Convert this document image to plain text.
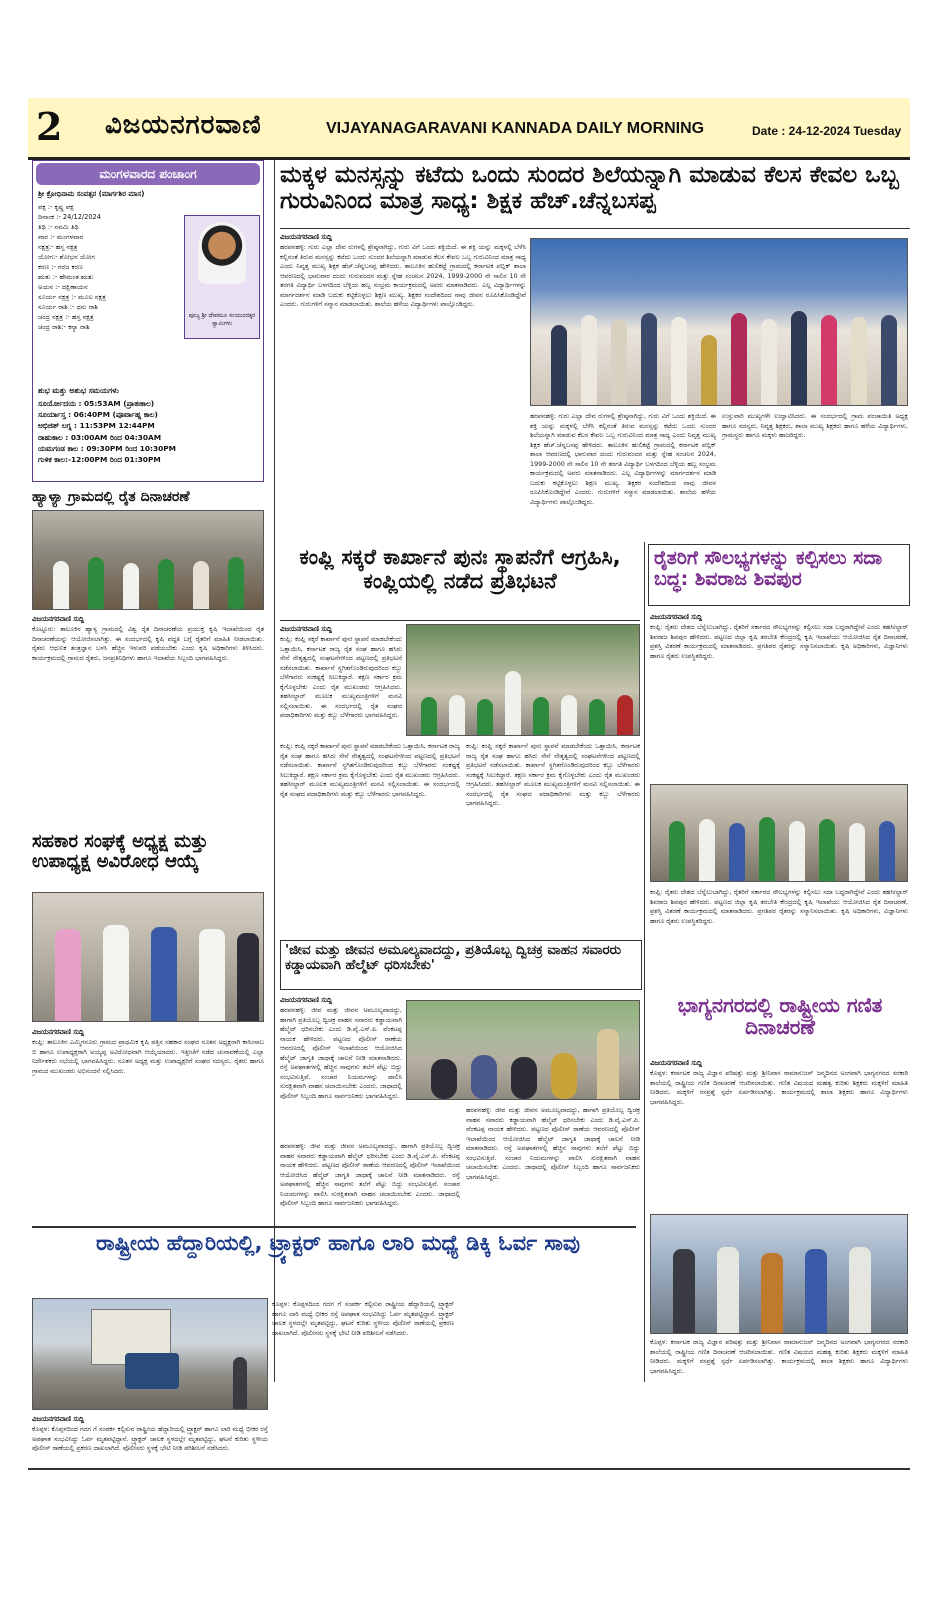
2 ವಿಜಯನಗರವಾಣಿ	VIJAYANAGARAVANI KANNADA DAILY MORNING	Date : 24-12-2024 Tuesday
ಮಂಗಳವಾರದ ಪಂಚಾಂಗ
ಶ್ರೀ ಕ್ರೋಧಿನಾಮ ಸಂವತ್ಸರ (ಮಾರ್ಗಶಿರ ಮಾಸ)
ಪಕ್ಷ :- ಕೃಷ್ಣ ಪಕ್ಷ
ದಿನಾಂಕ :- 24/12/2024
ತಿಥಿ :- ನವಮಿ ತಿಥಿ
ವಾರ :- ಮಂಗಳವಾರ
ನಕ್ಷತ್ರ:- ಹಸ್ತ ನಕ್ಷತ್ರ
ಯೋಗ:- ಶೋಭನ ಯೋಗ
ಕರಣ :- ಗರಜ ಕರಣ
ಋತು :- ಹೇಮಂತ ಋತು
ಅಯನ :- ದಕ್ಷಿಣಾಯನ
ಸೂರ್ಯ ನಕ್ಷತ್ರ :- ಮೂಲ ನಕ್ಷತ್ರ
ಸೂರ್ಯ ರಾಶಿ :- ಧನು ರಾಶಿ
ಚಂದ್ರ ನಕ್ಷತ್ರ :- ಹಸ್ತ ನಕ್ಷತ್ರ
ಚಂದ್ರ ರಾಶಿ:- ಕನ್ಯಾ ರಾಶಿ
ಪೂಜ್ಯ ಶ್ರೀ ದೇವಮೂ ಸಂಯುಂದಕ್ಕರ ಸ್ವಾಮಿಗಳು
ಶುಭ ಮತ್ತು ಅಶುಭ ಸಮಯಗಳು
ಸೂರ್ಯೋದಯ : 05:53AM (ಪ್ರಾತಃಕಾಲ)
ಸೂರ್ಯಾಸ್ತ : 06:40PM (ಪೂರ್ವಾಹ್ನ ಕಾಲ)
ಅಭಿಜಿತ್ ಲಗ್ನ : 11:53PM 12:44PM
ರಾಹುಕಾಲ : 03:00AM ರಿಂದ 04:30AM
ಯಮಗಂಡ ಕಾಲ : 09:30PM ರಿಂದ 10:30PM
ಗುಳಿಕ ಕಾಲ:-12:00PM ರಿಂದ 01:30PM
ಮಕ್ಕಳ ಮನಸ್ಸನ್ನು ಕಟೆದು ಒಂದು ಸುಂದರ ಶಿಲೆಯನ್ನಾಗಿ ಮಾಡುವ ಕೆಲಸ ಕೇವಲ ಒಬ್ಬ ಗುರುವಿನಿಂದ ಮಾತ್ರ ಸಾಧ್ಯ: ಶಿಕ್ಷಕ ಹೆಚ್.ಚೆನ್ನಬಸಪ್ಪ
ವಿಜಯನಗರವಾಣಿ ಸುದ್ದಿ
ಹರಪನಹಳ್ಳಿ: ಗುರು ಎಲ್ಲಾ ದೇವ ರುಗಳಲ್ಲಿ ಶ್ರೇಷ್ಠನಾಗಿದ್ದು, ಗುರು ವಿಗೆ ಒಂದು ಶಕ್ತಿಯಿದೆ. ಈ ಶಕ್ತಿ ಯನ್ನು ಮಕ್ಕಳಲ್ಲಿ ಬೆಳೆಸಿ ಕಲ್ಲಿನಂತೆ ತಿರುವ ಮನಸ್ಸನ್ನು ಕಟೆದು ಒಂದು ಸುಂದರ ಶಿಲೆಯನ್ನಾಗಿ ಮಾಡುವ ಕೆಲಸ ಕೇವಲ ಒಬ್ಬ ಗುರುವಿನಿಂದ ಮಾತ್ರ ಸಾಧ್ಯ ಎಂದು ನಿವೃತ್ತ ಮುಖ್ಯ ಶಿಕ್ಷಕ ಹೆಚ್.ಚೆನ್ನಬಸಪ್ಪ ಹೇಳಿದರು. ತಾಲೂಕಿನ ಹುಲಿಕಟ್ಟೆ ಗ್ರಾಮದಲ್ಲಿ ಕರ್ನಾಟಕ ಪಬ್ಲಿಕ್ ಶಾಲಾ ಆವರಣದಲ್ಲಿ ಭಾನುವಾರ ದಂದು ಗುರುವಂದನ ಮತ್ತು ಸ್ನೇಹ ಸಂಚಲನ 2024, 1999-2000 ನೇ ಸಾಲಿನ 10 ನೇ ತರಗತಿ ವಿದ್ಯಾರ್ಥಿ ಬಳಗದಿಂದ ಬೆಳ್ಳಿಯ ಹಬ್ಬ ಸಂಭ್ರಮ ಕಾರ್ಯಕ್ರಮದಲ್ಲಿ ಅವರು ಮಾತನಾಡಿದರು. ಎಲ್ಲ ವಿದ್ಯಾರ್ಥಿಗಳನ್ನು ಮಾರ್ಗದರ್ಶನ ಮಾಡಿ ಬದುಕು ಕಟ್ಟಿಕೊಳ್ಳಲು ಶಿಕ್ಷಣ ಮುಖ್ಯ. ಶಿಕ್ಷಕರ ಸಂದೇಶದಿಂದ ನಾವು ಜೀವನ ರೂಪಿಸಿಕೊಂಡಿದ್ದೇವೆ ಎಂದರು. ಗುರುಗಳಿಗೆ ಸನ್ಮಾನ ಮಾಡಲಾಯಿತು. ಶಾಲೆಯ ಹಳೆಯ ವಿದ್ಯಾರ್ಥಿಗಳು ಪಾಲ್ಗೊಂಡಿದ್ದರು.
ಹರಪನಹಳ್ಳಿ: ಗುರು ಎಲ್ಲಾ ದೇವ ರುಗಳಲ್ಲಿ ಶ್ರೇಷ್ಠನಾಗಿದ್ದು, ಗುರು ವಿಗೆ ಒಂದು ಶಕ್ತಿಯಿದೆ. ಈ ಶಕ್ತಿ ಯನ್ನು ಮಕ್ಕಳಲ್ಲಿ ಬೆಳೆಸಿ ಕಲ್ಲಿನಂತೆ ತಿರುವ ಮನಸ್ಸನ್ನು ಕಟೆದು ಒಂದು ಸುಂದರ ಶಿಲೆಯನ್ನಾಗಿ ಮಾಡುವ ಕೆಲಸ ಕೇವಲ ಒಬ್ಬ ಗುರುವಿನಿಂದ ಮಾತ್ರ ಸಾಧ್ಯ ಎಂದು ನಿವೃತ್ತ ಮುಖ್ಯ ಶಿಕ್ಷಕ ಹೆಚ್.ಚೆನ್ನಬಸಪ್ಪ ಹೇಳಿದರು. ತಾಲೂಕಿನ ಹುಲಿಕಟ್ಟೆ ಗ್ರಾಮದಲ್ಲಿ ಕರ್ನಾಟಕ ಪಬ್ಲಿಕ್ ಶಾಲಾ ಆವರಣದಲ್ಲಿ ಭಾನುವಾರ ದಂದು ಗುರುವಂದನ ಮತ್ತು ಸ್ನೇಹ ಸಂಚಲನ 2024, 1999-2000 ನೇ ಸಾಲಿನ 10 ನೇ ತರಗತಿ ವಿದ್ಯಾರ್ಥಿ ಬಳಗದಿಂದ ಬೆಳ್ಳಿಯ ಹಬ್ಬ ಸಂಭ್ರಮ ಕಾರ್ಯಕ್ರಮದಲ್ಲಿ ಅವರು ಮಾತನಾಡಿದರು. ಎಲ್ಲ ವಿದ್ಯಾರ್ಥಿಗಳನ್ನು ಮಾರ್ಗದರ್ಶನ ಮಾಡಿ ಬದುಕು ಕಟ್ಟಿಕೊಳ್ಳಲು ಶಿಕ್ಷಣ ಮುಖ್ಯ. ಶಿಕ್ಷಕರ ಸಂದೇಶದಿಂದ ನಾವು ಜೀವನ ರೂಪಿಸಿಕೊಂಡಿದ್ದೇವೆ ಎಂದರು. ಗುರುಗಳಿಗೆ ಸನ್ಮಾನ ಮಾಡಲಾಯಿತು. ಶಾಲೆಯ ಹಳೆಯ ವಿದ್ಯಾರ್ಥಿಗಳು ಪಾಲ್ಗೊಂಡಿದ್ದರು.
ಉಸ್ತುವಾರಿ ಮುಖ್ಯಗಳೇ ಉದ್ಘಾಟಿಸಿದರು. ಈ ಸಂದರ್ಭದಲ್ಲಿ ಗ್ರಾಮ ಪಂಚಾಯಿತಿ ಅಧ್ಯಕ್ಷ ಹಾಗೂ ಸದಸ್ಯರು, ನಿವೃತ್ತ ಶಿಕ್ಷಕರು, ಶಾಲಾ ಮುಖ್ಯ ಶಿಕ್ಷಕರು ಹಾಗೂ ಹಳೆಯ ವಿದ್ಯಾರ್ಥಿಗಳು, ಗ್ರಾಮಸ್ಥರು ಹಾಗೂ ಮಕ್ಕಳು ಹಾಜರಿದ್ದರು.
ಹ್ಯಾಳ್ಯಾ ಗ್ರಾಮದಲ್ಲಿ ರೈತ ದಿನಾಚರಣೆ
ವಿಜಯನಗರವಾಣಿ ಸುದ್ದಿ
ಕೊಟ್ಟೂರು: ತಾಲೂಕಿನ ಹ್ಯಾಳ್ಯ ಗ್ರಾಮದಲ್ಲಿ ವಿಶ್ವ ರೈತ ದಿನಾಚರಣೆಯ ಪ್ರಯುಕ್ತ ಕೃಷಿ ಇಲಾಖೆಯಿಂದ ರೈತ ದಿನಾಚರಣೆಯನ್ನು ಆಯೋಜಿಸಲಾಗಿತ್ತು. ಈ ಸಂದರ್ಭದಲ್ಲಿ ಕೃಷಿ ಪದ್ಧತಿ ಬಗ್ಗೆ ರೈತರಿಗೆ ಮಾಹಿತಿ ನೀಡಲಾಯಿತು. ರೈತರು ಆಧುನಿಕ ತಂತ್ರಜ್ಞಾನ ಬಳಸಿ ಹೆಚ್ಚಿನ ಇಳುವರಿ ಪಡೆಯಬೇಕು ಎಂದು ಕೃಷಿ ಅಧಿಕಾರಿಗಳು ತಿಳಿಸಿದರು. ಕಾರ್ಯಕ್ರಮದಲ್ಲಿ ಗ್ರಾಮದ ರೈತರು, ಜನಪ್ರತಿನಿಧಿಗಳು ಹಾಗೂ ಇಲಾಖೆಯ ಸಿಬ್ಬಂದಿ ಭಾಗವಹಿಸಿದ್ದರು.
ಸಹಕಾರ ಸಂಘಕ್ಕೆ ಅಧ್ಯಕ್ಷ ಮತ್ತು ಉಪಾಧ್ಯಕ್ಷ ಅವಿರೋಧ ಆಯ್ಕೆ
ವಿಜಯನಗರವಾಣಿ ಸುದ್ದಿ
ಕಂಪ್ಲಿ: ತಾಲೂಕಿನ ಎಮ್ಮಿಗನೂರು ಗ್ರಾಮದ ಪ್ರಾಥಮಿಕ ಕೃಷಿ ಪತ್ತಿನ ಸಹಕಾರ ಸಂಘದ ನೂತನ ಅಧ್ಯಕ್ಷರಾಗಿ ಕಾಸಿಂಸಾಬ ಬಿ ಹಾಗೂ ಉಪಾಧ್ಯಕ್ಷರಾಗಿ ಅಯ್ಯಪ್ಪ ಅವಿರೋಧವಾಗಿ ಆಯ್ಕೆಯಾದರು. ಇತ್ತೀಚೆಗೆ ನಡೆದ ಚುನಾವಣೆಯಲ್ಲಿ ಎಲ್ಲಾ ನಿರ್ದೇಶಕರು ಸಭೆಯಲ್ಲಿ ಭಾಗವಹಿಸಿದ್ದರು. ನೂತನ ಅಧ್ಯಕ್ಷ ಮತ್ತು ಉಪಾಧ್ಯಕ್ಷರಿಗೆ ಸಂಘದ ಸದಸ್ಯರು, ರೈತರು ಹಾಗೂ ಗ್ರಾಮದ ಮುಖಂಡರು ಅಭಿನಂದನೆ ಸಲ್ಲಿಸಿದರು.
ಕಂಪ್ಲಿ ಸಕ್ಕರೆ ಕಾರ್ಖಾನೆ ಪುನಃ ಸ್ಥಾಪನೆಗೆ ಆಗ್ರಹಿಸಿ, ಕಂಪ್ಲಿಯಲ್ಲಿ ನಡೆದ ಪ್ರತಿಭಟನೆ
ವಿಜಯನಗರವಾಣಿ ಸುದ್ದಿ
ಕಂಪ್ಲಿ: ಕಂಪ್ಲಿ ಸಕ್ಕರೆ ಕಾರ್ಖಾನೆ ಪುನಃ ಸ್ಥಾಪನೆ ಮಾಡಬೇಕೆಂದು ಒತ್ತಾಯಿಸಿ, ಕರ್ನಾಟಕ ರಾಜ್ಯ ರೈತ ಸಂಘ ಹಾಗೂ ಹಸಿರು ಸೇನೆ ನೇತೃತ್ವದಲ್ಲಿ ಸಂಘಟನೆಗಳಿಂದ ಪಟ್ಟಣದಲ್ಲಿ ಪ್ರತಿಭಟನೆ ನಡೆಸಲಾಯಿತು. ಕಾರ್ಖಾನೆ ಸ್ಥಗಿತಗೊಂಡಿರುವುದರಿಂದ ಕಬ್ಬು ಬೆಳೆಗಾರರು ಸಂಕಷ್ಟಕ್ಕೆ ಸಿಲುಕಿದ್ದಾರೆ. ತಕ್ಷಣ ಸರ್ಕಾರ ಕ್ರಮ ಕೈಗೊಳ್ಳಬೇಕು ಎಂದು ರೈತ ಮುಖಂಡರು ಆಗ್ರಹಿಸಿದರು. ತಹಸೀಲ್ದಾರ್ ಮೂಲಕ ಮುಖ್ಯಮಂತ್ರಿಗಳಿಗೆ ಮನವಿ ಸಲ್ಲಿಸಲಾಯಿತು. ಈ ಸಂದರ್ಭದಲ್ಲಿ ರೈತ ಸಂಘದ ಪದಾಧಿಕಾರಿಗಳು ಮತ್ತು ಕಬ್ಬು ಬೆಳೆಗಾರರು ಭಾಗವಹಿಸಿದ್ದರು.
ಕಂಪ್ಲಿ: ಕಂಪ್ಲಿ ಸಕ್ಕರೆ ಕಾರ್ಖಾನೆ ಪುನಃ ಸ್ಥಾಪನೆ ಮಾಡಬೇಕೆಂದು ಒತ್ತಾಯಿಸಿ, ಕರ್ನಾಟಕ ರಾಜ್ಯ ರೈತ ಸಂಘ ಹಾಗೂ ಹಸಿರು ಸೇನೆ ನೇತೃತ್ವದಲ್ಲಿ ಸಂಘಟನೆಗಳಿಂದ ಪಟ್ಟಣದಲ್ಲಿ ಪ್ರತಿಭಟನೆ ನಡೆಸಲಾಯಿತು. ಕಾರ್ಖಾನೆ ಸ್ಥಗಿತಗೊಂಡಿರುವುದರಿಂದ ಕಬ್ಬು ಬೆಳೆಗಾರರು ಸಂಕಷ್ಟಕ್ಕೆ ಸಿಲುಕಿದ್ದಾರೆ. ತಕ್ಷಣ ಸರ್ಕಾರ ಕ್ರಮ ಕೈಗೊಳ್ಳಬೇಕು ಎಂದು ರೈತ ಮುಖಂಡರು ಆಗ್ರಹಿಸಿದರು. ತಹಸೀಲ್ದಾರ್ ಮೂಲಕ ಮುಖ್ಯಮಂತ್ರಿಗಳಿಗೆ ಮನವಿ ಸಲ್ಲಿಸಲಾಯಿತು. ಈ ಸಂದರ್ಭದಲ್ಲಿ ರೈತ ಸಂಘದ ಪದಾಧಿಕಾರಿಗಳು ಮತ್ತು ಕಬ್ಬು ಬೆಳೆಗಾರರು ಭಾಗವಹಿಸಿದ್ದರು.
ಕಂಪ್ಲಿ: ಕಂಪ್ಲಿ ಸಕ್ಕರೆ ಕಾರ್ಖಾನೆ ಪುನಃ ಸ್ಥಾಪನೆ ಮಾಡಬೇಕೆಂದು ಒತ್ತಾಯಿಸಿ, ಕರ್ನಾಟಕ ರಾಜ್ಯ ರೈತ ಸಂಘ ಹಾಗೂ ಹಸಿರು ಸೇನೆ ನೇತೃತ್ವದಲ್ಲಿ ಸಂಘಟನೆಗಳಿಂದ ಪಟ್ಟಣದಲ್ಲಿ ಪ್ರತಿಭಟನೆ ನಡೆಸಲಾಯಿತು. ಕಾರ್ಖಾನೆ ಸ್ಥಗಿತಗೊಂಡಿರುವುದರಿಂದ ಕಬ್ಬು ಬೆಳೆಗಾರರು ಸಂಕಷ್ಟಕ್ಕೆ ಸಿಲುಕಿದ್ದಾರೆ. ತಕ್ಷಣ ಸರ್ಕಾರ ಕ್ರಮ ಕೈಗೊಳ್ಳಬೇಕು ಎಂದು ರೈತ ಮುಖಂಡರು ಆಗ್ರಹಿಸಿದರು. ತಹಸೀಲ್ದಾರ್ ಮೂಲಕ ಮುಖ್ಯಮಂತ್ರಿಗಳಿಗೆ ಮನವಿ ಸಲ್ಲಿಸಲಾಯಿತು. ಈ ಸಂದರ್ಭದಲ್ಲಿ ರೈತ ಸಂಘದ ಪದಾಧಿಕಾರಿಗಳು ಮತ್ತು ಕಬ್ಬು ಬೆಳೆಗಾರರು ಭಾಗವಹಿಸಿದ್ದರು.
ರೈತರಿಗೆ ಸೌಲಭ್ಯಗಳನ್ನು ಕಲ್ಪಿಸಲು ಸದಾ ಬದ್ಧ: ಶಿವರಾಜ ಶಿವಪುರ
ವಿಜಯನಗರವಾಣಿ ಸುದ್ದಿ
ಕಂಪ್ಲಿ: ರೈತರು ದೇಶದ ಬೆನ್ನೆಲುಬಾಗಿದ್ದು, ರೈತರಿಗೆ ಸರ್ಕಾರದ ಸೌಲಭ್ಯಗಳನ್ನು ಕಲ್ಪಿಸಲು ಸದಾ ಬದ್ಧರಾಗಿದ್ದೇವೆ ಎಂದು ತಹಸೀಲ್ದಾರ್ ಶಿವರಾಜ ಶಿವಪುರ ಹೇಳಿದರು. ಪಟ್ಟಣದ ಜಿಲ್ಲಾ ಕೃಷಿ ತರಬೇತಿ ಕೇಂದ್ರದಲ್ಲಿ ಕೃಷಿ ಇಲಾಖೆಯು ಆಯೋಜಿಸಿದ ರೈತ ದಿನಾಚರಣೆ, ಪ್ರಶಸ್ತಿ ವಿತರಣೆ ಕಾರ್ಯಕ್ರಮದಲ್ಲಿ ಮಾತನಾಡಿದರು. ಪ್ರಗತಿಪರ ರೈತರನ್ನು ಸನ್ಮಾನಿಸಲಾಯಿತು. ಕೃಷಿ ಅಧಿಕಾರಿಗಳು, ವಿಜ್ಞಾನಿಗಳು ಹಾಗೂ ರೈತರು ಉಪಸ್ಥಿತರಿದ್ದರು.
ಕಂಪ್ಲಿ: ರೈತರು ದೇಶದ ಬೆನ್ನೆಲುಬಾಗಿದ್ದು, ರೈತರಿಗೆ ಸರ್ಕಾರದ ಸೌಲಭ್ಯಗಳನ್ನು ಕಲ್ಪಿಸಲು ಸದಾ ಬದ್ಧರಾಗಿದ್ದೇವೆ ಎಂದು ತಹಸೀಲ್ದಾರ್ ಶಿವರಾಜ ಶಿವಪುರ ಹೇಳಿದರು. ಪಟ್ಟಣದ ಜಿಲ್ಲಾ ಕೃಷಿ ತರಬೇತಿ ಕೇಂದ್ರದಲ್ಲಿ ಕೃಷಿ ಇಲಾಖೆಯು ಆಯೋಜಿಸಿದ ರೈತ ದಿನಾಚರಣೆ, ಪ್ರಶಸ್ತಿ ವಿತರಣೆ ಕಾರ್ಯಕ್ರಮದಲ್ಲಿ ಮಾತನಾಡಿದರು. ಪ್ರಗತಿಪರ ರೈತರನ್ನು ಸನ್ಮಾನಿಸಲಾಯಿತು. ಕೃಷಿ ಅಧಿಕಾರಿಗಳು, ವಿಜ್ಞಾನಿಗಳು ಹಾಗೂ ರೈತರು ಉಪಸ್ಥಿತರಿದ್ದರು.
ಭಾಗ್ಯನಗರದಲ್ಲಿ ರಾಷ್ಟ್ರೀಯ ಗಣಿತ ದಿನಾಚರಣೆ
ವಿಜಯನಗರವಾಣಿ ಸುದ್ದಿ
ಕೊಪ್ಪಳ: ಕರ್ನಾಟಕ ರಾಜ್ಯ ವಿಜ್ಞಾನ ಪರಿಷತ್ತು ಮತ್ತು ಶ್ರೀನಿವಾಸ ರಾಮಾನುಜನ್ ಜನ್ಮದಿನದ ಅಂಗವಾಗಿ ಭಾಗ್ಯನಗರದ ಸರಕಾರಿ ಶಾಲೆಯಲ್ಲಿ ರಾಷ್ಟ್ರೀಯ ಗಣಿತ ದಿನಾಚರಣೆ ಆಚರಿಸಲಾಯಿತು. ಗಣಿತ ವಿಷಯದ ಮಹತ್ವ ಕುರಿತು ಶಿಕ್ಷಕರು ಮಕ್ಕಳಿಗೆ ಮಾಹಿತಿ ನೀಡಿದರು. ಮಕ್ಕಳಿಗೆ ರಸಪ್ರಶ್ನೆ ಸ್ಪರ್ಧೆ ಏರ್ಪಡಿಸಲಾಗಿತ್ತು. ಕಾರ್ಯಕ್ರಮದಲ್ಲಿ ಶಾಲಾ ಶಿಕ್ಷಕರು ಹಾಗೂ ವಿದ್ಯಾರ್ಥಿಗಳು ಭಾಗವಹಿಸಿದ್ದರು.
ಕೊಪ್ಪಳ: ಕರ್ನಾಟಕ ರಾಜ್ಯ ವಿಜ್ಞಾನ ಪರಿಷತ್ತು ಮತ್ತು ಶ್ರೀನಿವಾಸ ರಾಮಾನುಜನ್ ಜನ್ಮದಿನದ ಅಂಗವಾಗಿ ಭಾಗ್ಯನಗರದ ಸರಕಾರಿ ಶಾಲೆಯಲ್ಲಿ ರಾಷ್ಟ್ರೀಯ ಗಣಿತ ದಿನಾಚರಣೆ ಆಚರಿಸಲಾಯಿತು. ಗಣಿತ ವಿಷಯದ ಮಹತ್ವ ಕುರಿತು ಶಿಕ್ಷಕರು ಮಕ್ಕಳಿಗೆ ಮಾಹಿತಿ ನೀಡಿದರು. ಮಕ್ಕಳಿಗೆ ರಸಪ್ರಶ್ನೆ ಸ್ಪರ್ಧೆ ಏರ್ಪಡಿಸಲಾಗಿತ್ತು. ಕಾರ್ಯಕ್ರಮದಲ್ಲಿ ಶಾಲಾ ಶಿಕ್ಷಕರು ಹಾಗೂ ವಿದ್ಯಾರ್ಥಿಗಳು ಭಾಗವಹಿಸಿದ್ದರು.
'ಜೀವ ಮತ್ತು ಜೀವನ ಅಮೂಲ್ಯವಾದದ್ದು, ಪ್ರತಿಯೊಬ್ಬ ದ್ವಿಚಕ್ರ ವಾಹನ ಸವಾರರು ಕಡ್ಡಾಯವಾಗಿ ಹೆಲ್ಮೆಟ್ ಧರಿಸಬೇಕು'
ವಿಜಯನಗರವಾಣಿ ಸುದ್ದಿ
ಹರಪನಹಳ್ಳಿ: ಜೀವ ಮತ್ತು ಜೀವನ ಅಮೂಲ್ಯವಾದದ್ದು, ಹಾಗಾಗಿ ಪ್ರತಿಯೊಬ್ಬ ದ್ವಿಚಕ್ರ ವಾಹನ ಸವಾರರು ಕಡ್ಡಾಯವಾಗಿ ಹೆಲ್ಮೆಟ್ ಧರಿಸಬೇಕು ಎಂದು ಡಿ.ವೈ.ಎಸ್.ಪಿ. ವೆಂಕಟಪ್ಪ ನಾಯಕ ಹೇಳಿದರು. ಪಟ್ಟಣದ ಪೊಲೀಸ್ ಠಾಣೆಯ ಆವರಣದಲ್ಲಿ ಪೊಲೀಸ್ ಇಲಾಖೆಯಿಂದ ಆಯೋಜಿಸಿದ ಹೆಲ್ಮೆಟ್ ಜಾಗೃತಿ ಜಾಥಾಕ್ಕೆ ಚಾಲನೆ ನೀಡಿ ಮಾತನಾಡಿದರು. ರಸ್ತೆ ಅಪಘಾತಗಳಲ್ಲಿ ಹೆಚ್ಚಿನ ಸಾವುಗಳು ತಲೆಗೆ ಪೆಟ್ಟು ಬಿದ್ದು ಸಂಭವಿಸುತ್ತಿವೆ. ಸಂಚಾರ ನಿಯಮಗಳನ್ನು ಪಾಲಿಸಿ ಸುರಕ್ಷಿತವಾಗಿ ವಾಹನ ಚಲಾಯಿಸಬೇಕು ಎಂದರು. ಜಾಥಾದಲ್ಲಿ ಪೊಲೀಸ್ ಸಿಬ್ಬಂದಿ ಹಾಗೂ ಸಾರ್ವಜನಿಕರು ಭಾಗವಹಿಸಿದ್ದರು.
ಹರಪನಹಳ್ಳಿ: ಜೀವ ಮತ್ತು ಜೀವನ ಅಮೂಲ್ಯವಾದದ್ದು, ಹಾಗಾಗಿ ಪ್ರತಿಯೊಬ್ಬ ದ್ವಿಚಕ್ರ ವಾಹನ ಸವಾರರು ಕಡ್ಡಾಯವಾಗಿ ಹೆಲ್ಮೆಟ್ ಧರಿಸಬೇಕು ಎಂದು ಡಿ.ವೈ.ಎಸ್.ಪಿ. ವೆಂಕಟಪ್ಪ ನಾಯಕ ಹೇಳಿದರು. ಪಟ್ಟಣದ ಪೊಲೀಸ್ ಠಾಣೆಯ ಆವರಣದಲ್ಲಿ ಪೊಲೀಸ್ ಇಲಾಖೆಯಿಂದ ಆಯೋಜಿಸಿದ ಹೆಲ್ಮೆಟ್ ಜಾಗೃತಿ ಜಾಥಾಕ್ಕೆ ಚಾಲನೆ ನೀಡಿ ಮಾತನಾಡಿದರು. ರಸ್ತೆ ಅಪಘಾತಗಳಲ್ಲಿ ಹೆಚ್ಚಿನ ಸಾವುಗಳು ತಲೆಗೆ ಪೆಟ್ಟು ಬಿದ್ದು ಸಂಭವಿಸುತ್ತಿವೆ. ಸಂಚಾರ ನಿಯಮಗಳನ್ನು ಪಾಲಿಸಿ ಸುರಕ್ಷಿತವಾಗಿ ವಾಹನ ಚಲಾಯಿಸಬೇಕು ಎಂದರು. ಜಾಥಾದಲ್ಲಿ ಪೊಲೀಸ್ ಸಿಬ್ಬಂದಿ ಹಾಗೂ ಸಾರ್ವಜನಿಕರು ಭಾಗವಹಿಸಿದ್ದರು.
ಹರಪನಹಳ್ಳಿ: ಜೀವ ಮತ್ತು ಜೀವನ ಅಮೂಲ್ಯವಾದದ್ದು, ಹಾಗಾಗಿ ಪ್ರತಿಯೊಬ್ಬ ದ್ವಿಚಕ್ರ ವಾಹನ ಸವಾರರು ಕಡ್ಡಾಯವಾಗಿ ಹೆಲ್ಮೆಟ್ ಧರಿಸಬೇಕು ಎಂದು ಡಿ.ವೈ.ಎಸ್.ಪಿ. ವೆಂಕಟಪ್ಪ ನಾಯಕ ಹೇಳಿದರು. ಪಟ್ಟಣದ ಪೊಲೀಸ್ ಠಾಣೆಯ ಆವರಣದಲ್ಲಿ ಪೊಲೀಸ್ ಇಲಾಖೆಯಿಂದ ಆಯೋಜಿಸಿದ ಹೆಲ್ಮೆಟ್ ಜಾಗೃತಿ ಜಾಥಾಕ್ಕೆ ಚಾಲನೆ ನೀಡಿ ಮಾತನಾಡಿದರು. ರಸ್ತೆ ಅಪಘಾತಗಳಲ್ಲಿ ಹೆಚ್ಚಿನ ಸಾವುಗಳು ತಲೆಗೆ ಪೆಟ್ಟು ಬಿದ್ದು ಸಂಭವಿಸುತ್ತಿವೆ. ಸಂಚಾರ ನಿಯಮಗಳನ್ನು ಪಾಲಿಸಿ ಸುರಕ್ಷಿತವಾಗಿ ವಾಹನ ಚಲಾಯಿಸಬೇಕು ಎಂದರು. ಜಾಥಾದಲ್ಲಿ ಪೊಲೀಸ್ ಸಿಬ್ಬಂದಿ ಹಾಗೂ ಸಾರ್ವಜನಿಕರು ಭಾಗವಹಿಸಿದ್ದರು.
ರಾಷ್ಟ್ರೀಯ ಹೆದ್ದಾರಿಯಲ್ಲಿ, ಟ್ರ್ಯಾಕ್ಟರ್ ಹಾಗೂ ಲಾರಿ ಮಧ್ಯೆ ಡಿಕ್ಕಿ ಓರ್ವ ಸಾವು
ವಿಜಯನಗರವಾಣಿ ಸುದ್ದಿ
ಕೊಪ್ಪಳ: ಕೊಪ್ಪಳದಿಂದ ಗದಗ ಗೆ ಸಂಪರ್ಕ ಕಲ್ಪಿಸುವ ರಾಷ್ಟ್ರೀಯ ಹೆದ್ದಾರಿಯಲ್ಲಿ ಟ್ರ್ಯಾಕ್ಟರ್ ಹಾಗೂ ಲಾರಿ ಮಧ್ಯೆ ಭೀಕರ ರಸ್ತೆ ಅಪಘಾತ ಸಂಭವಿಸಿದ್ದು ಓರ್ವ ಮೃತಪಟ್ಟಿದ್ದಾನೆ. ಟ್ರ್ಯಾಕ್ಟರ್ ಚಾಲಕ ಸ್ಥಳದಲ್ಲೇ ಮೃತಪಟ್ಟಿದ್ದು, ಘಟನೆ ಕುರಿತು ಸ್ಥಳೀಯ ಪೊಲೀಸ್ ಠಾಣೆಯಲ್ಲಿ ಪ್ರಕರಣ ದಾಖಲಾಗಿದೆ. ಪೊಲೀಸರು ಸ್ಥಳಕ್ಕೆ ಭೇಟಿ ನೀಡಿ ಪರಿಶೀಲನೆ ನಡೆಸಿದರು.
ಕೊಪ್ಪಳ: ಕೊಪ್ಪಳದಿಂದ ಗದಗ ಗೆ ಸಂಪರ್ಕ ಕಲ್ಪಿಸುವ ರಾಷ್ಟ್ರೀಯ ಹೆದ್ದಾರಿಯಲ್ಲಿ ಟ್ರ್ಯಾಕ್ಟರ್ ಹಾಗೂ ಲಾರಿ ಮಧ್ಯೆ ಭೀಕರ ರಸ್ತೆ ಅಪಘಾತ ಸಂಭವಿಸಿದ್ದು ಓರ್ವ ಮೃತಪಟ್ಟಿದ್ದಾನೆ. ಟ್ರ್ಯಾಕ್ಟರ್ ಚಾಲಕ ಸ್ಥಳದಲ್ಲೇ ಮೃತಪಟ್ಟಿದ್ದು, ಘಟನೆ ಕುರಿತು ಸ್ಥಳೀಯ ಪೊಲೀಸ್ ಠಾಣೆಯಲ್ಲಿ ಪ್ರಕರಣ ದಾಖಲಾಗಿದೆ. ಪೊಲೀಸರು ಸ್ಥಳಕ್ಕೆ ಭೇಟಿ ನೀಡಿ ಪರಿಶೀಲನೆ ನಡೆಸಿದರು.
